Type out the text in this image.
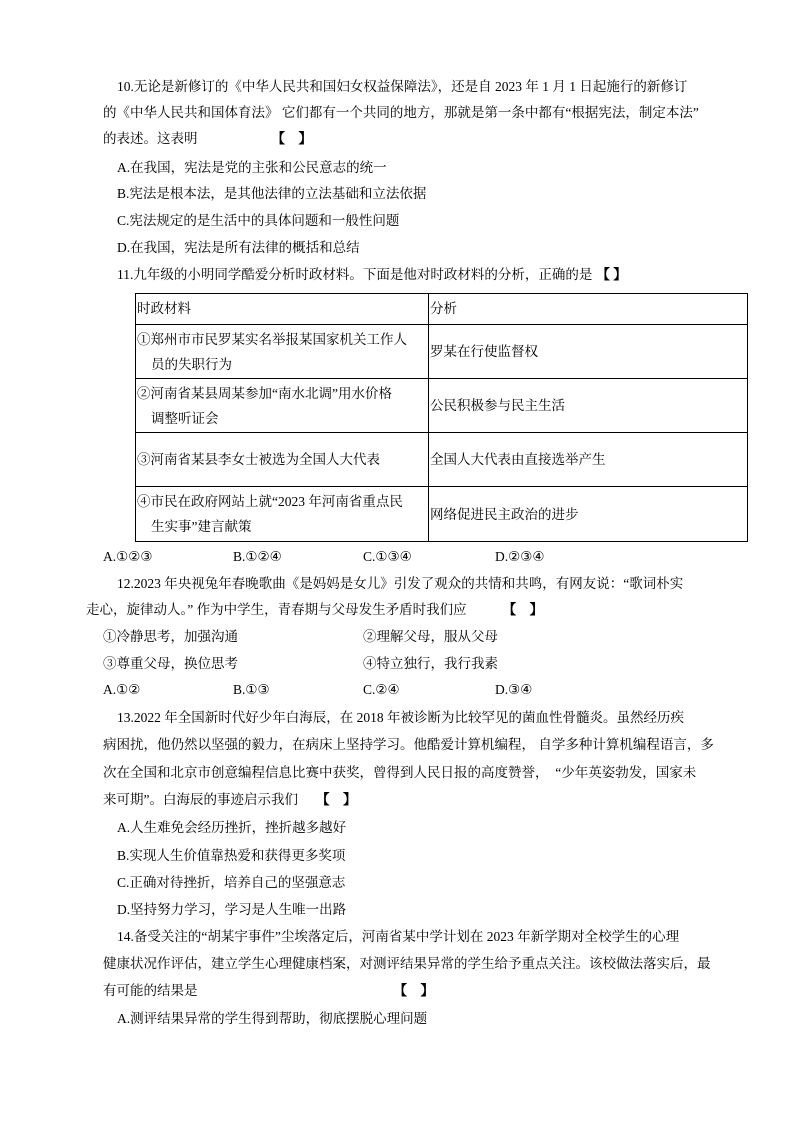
10.无论是新修订的《中华人民共和国妇女权益保障法》，还是自 2023 年 1 月 1 日起施行的新修订
的《中华人民共和国体育法》 它们都有一个共同的地方，那就是第一条中都有“根据宪法，制定本法”
的表述。这表明	【    】
A.在我国，宪法是党的主张和公民意志的统一
B.宪法是根本法，是其他法律的立法基础和立法依据
C.宪法规定的是生活中的具体问题和一般性问题
D.在我国，宪法是所有法律的概括和总结
11.九年级的小明同学酷爱分析时政材料。下面是他对时政材料的分析，正确的是 【 】
时政材料	分析

①郑州市市民罗某实名举报某国家机关工作人
员的失职行为	罗某在行使监督权

②河南省某县周某参加“南水北调”用水价格
调整听证会	公民积极参与民主生活

③河南省某县李女士被选为全国人大代表	全国人大代表由直接选举产生

④市民在政府网站上就“2023 年河南省重点民
生实事”建言献策	网络促进民主政治的进步
A.①②③	B.①②④	C.①③④	D.②③④
12.2023 年央视兔年春晚歌曲《是妈妈是女儿》引发了观众的共情和共鸣，有网友说：“歌词朴实
走心，旋律动人。” 作为中学生，青春期与父母发生矛盾时我们应	【    】
①冷静思考，加强沟通	②理解父母，服从父母
③尊重父母，换位思考	④特立独行，我行我素
A.①②	B.①③	C.②④	D.③④
13.2022 年全国新时代好少年白海辰，在 2018 年被诊断为比较罕见的菌血性骨髓炎。虽然经历疾
病困扰，他仍然以坚强的毅力，在病床上坚持学习。他酷爱计算机编程， 自学多种计算机编程语言，多
次在全国和北京市创意编程信息比赛中获奖，曾得到人民日报的高度赞誉，  “少年英姿勃发，国家未
来可期”。白海辰的事迹启示我们 【    】
A.人生难免会经历挫折，挫折越多越好
B.实现人生价值靠热爱和获得更多奖项
C.正确对待挫折，培养自己的坚强意志
D.坚持努力学习，学习是人生唯一出路
14.备受关注的“胡某宇事件”尘埃落定后，河南省某中学计划在 2023 年新学期对全校学生的心理
健康状况作评估，建立学生心理健康档案，对测评结果异常的学生给予重点关注。该校做法落实后，最
有可能的结果是	【    】
A.测评结果异常的学生得到帮助，彻底摆脱心理问题
